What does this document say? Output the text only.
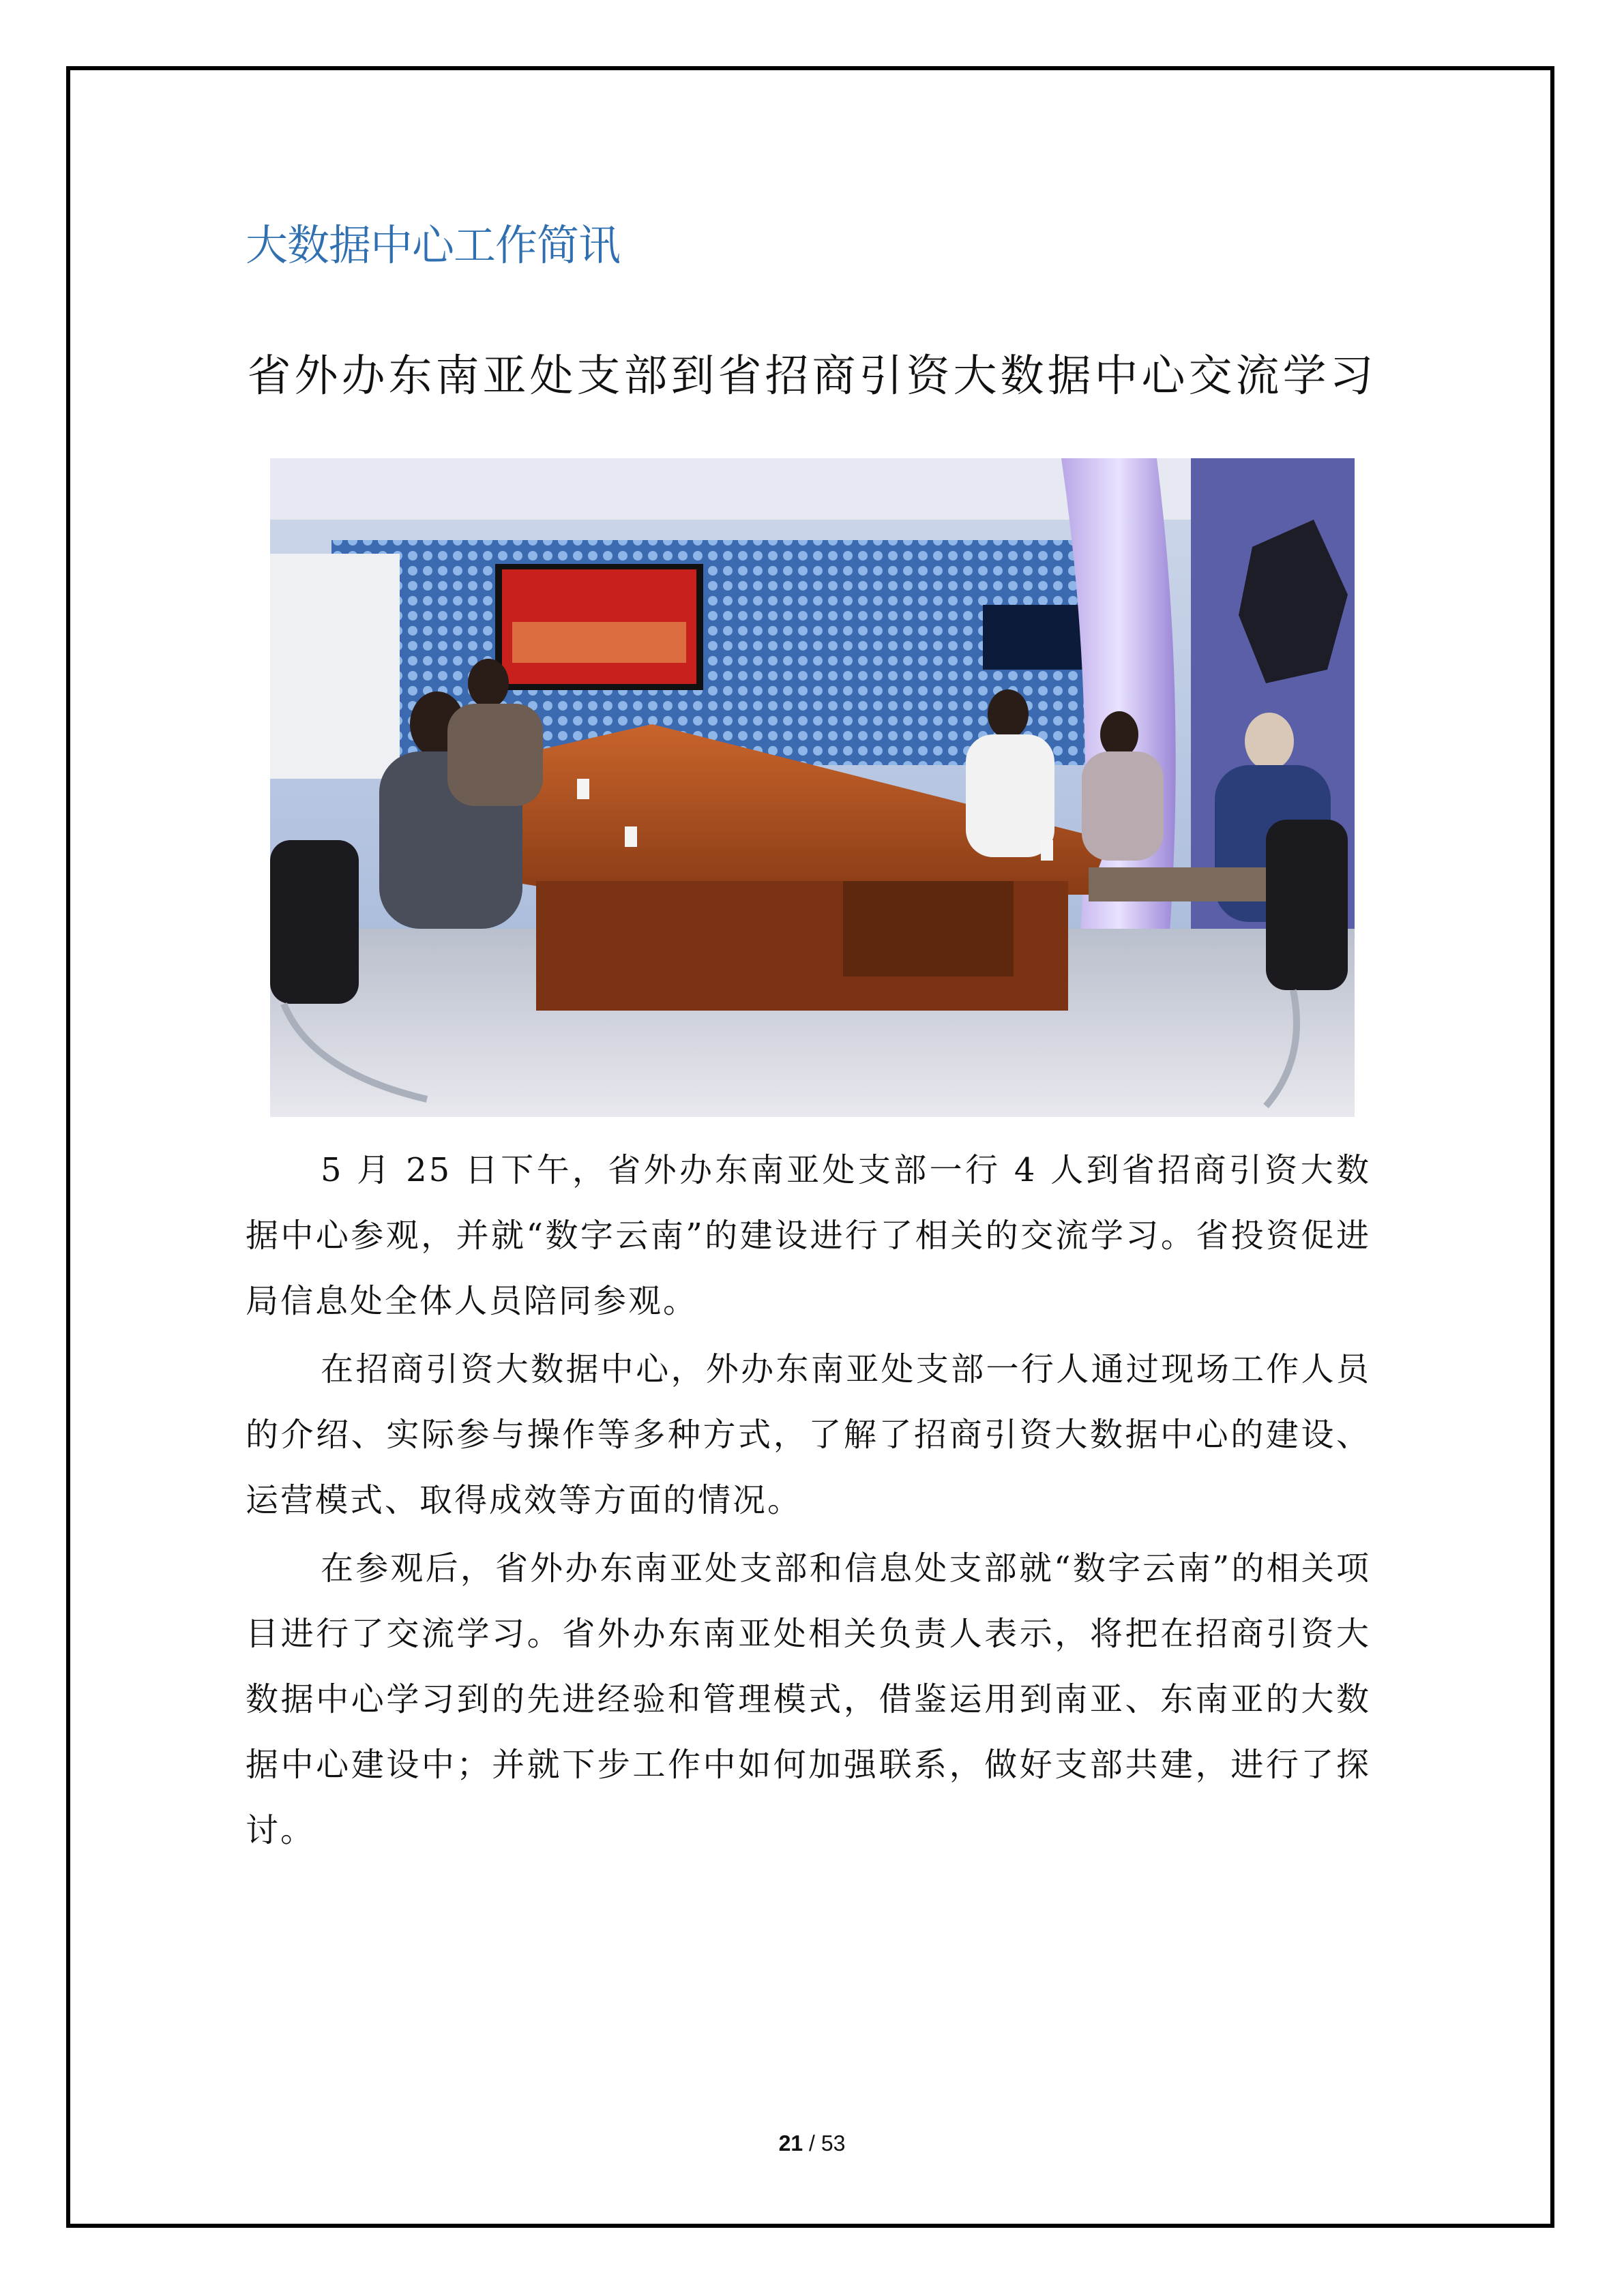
大数据中心工作简讯
省外办东南亚处支部到省招商引资大数据中心交流学习

5 月 25 日下午，省外办东南亚处支部一行 4 人到省招商引资大数据中心参观，并就“数字云南”的建设进行了相关的交流学习。省投资促进局信息处全体人员陪同参观。

在招商引资大数据中心，外办东南亚处支部一行人通过现场工作人员的介绍、实际参与操作等多种方式，了解了招商引资大数据中心的建设、运营模式、取得成效等方面的情况。

在参观后，省外办东南亚处支部和信息处支部就“数字云南”的相关项目进行了交流学习。省外办东南亚处相关负责人表示，将把在招商引资大数据中心学习到的先进经验和管理模式，借鉴运用到南亚、东南亚的大数据中心建设中；并就下步工作中如何加强联系，做好支部共建，进行了探讨。

21 / 53
